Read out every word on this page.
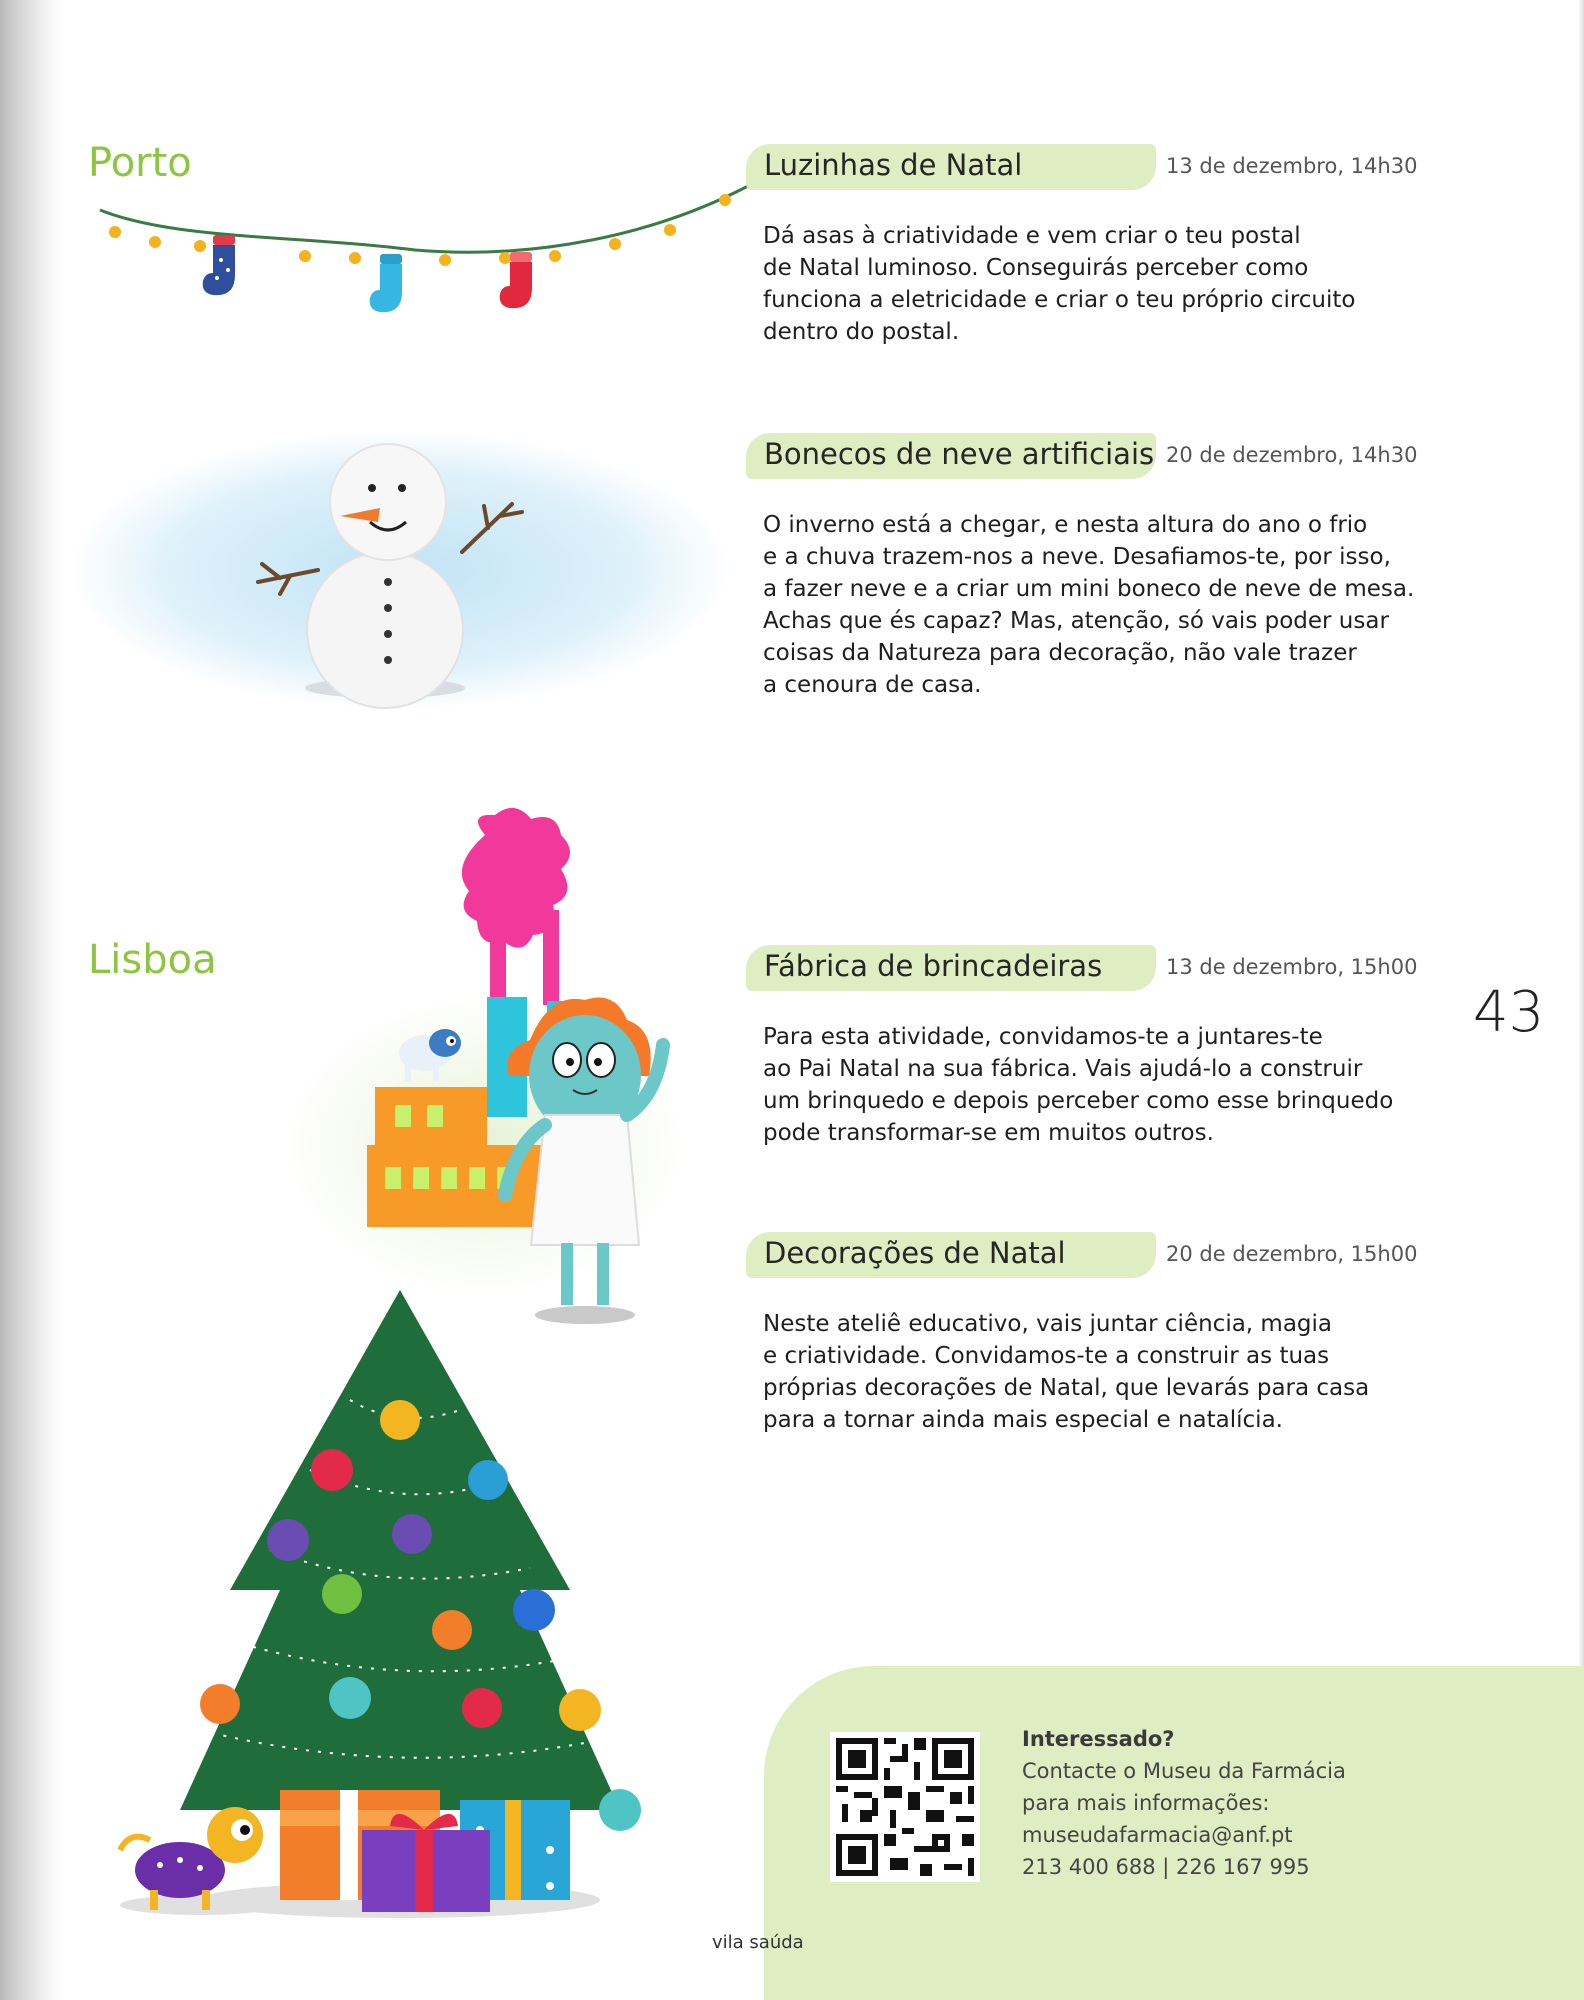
Porto
Lisboa
Luzinhas de Natal	13 de dezembro, 14h30
Dá asas à criatividade e vem criar o teu postal
de Natal luminoso. Conseguirás perceber como
funciona a eletricidade e criar o teu próprio circuito
dentro do postal.
Bonecos de neve artificiais 20 de dezembro, 14h30
O inverno está a chegar, e nesta altura do ano o frio
e a chuva trazem-nos a neve. Desafiamos-te, por isso,
a fazer neve e a criar um mini boneco de neve de mesa.
Achas que és capaz? Mas, atenção, só vais poder usar
coisas da Natureza para decoração, não vale trazer
a cenoura de casa.
Fábrica de brincadeiras	13 de dezembro, 15h00
Para esta atividade, convidamos-te a juntares-te
ao Pai Natal na sua fábrica. Vais ajudá-lo a construir
um brinquedo e depois perceber como esse brinquedo
pode transformar-se em muitos outros.
Decorações de Natal	20 de dezembro, 15h00
Neste ateliê educativo, vais juntar ciência, magia
e criatividade. Convidamos-te a construir as tuas
próprias decorações de Natal, que levarás para casa
para a tornar ainda mais especial e natalícia.
43
Interessado?
Contacte o Museu da Farmácia
para mais informações:
museudafarmacia@anf.pt
213 400 688 | 226 167 995
vila saúda
